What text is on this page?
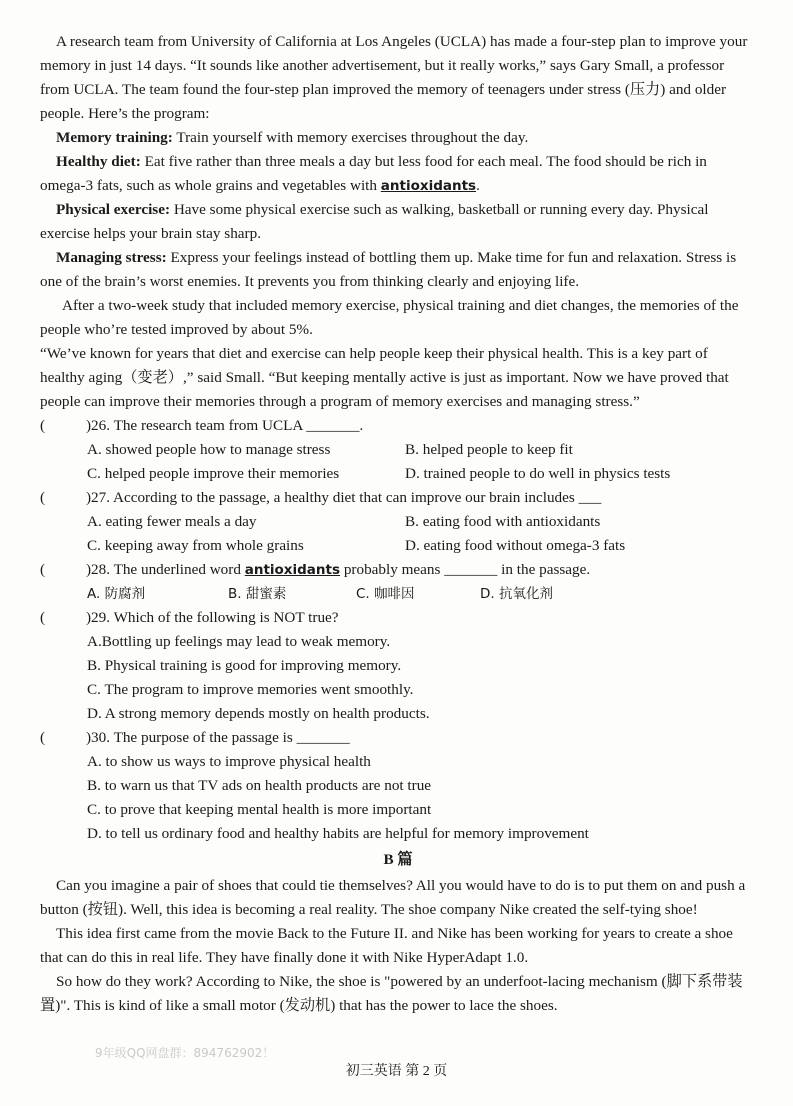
A research team from University of California at Los Angeles (UCLA) has made a four-step plan to improve your memory in just 14 days. “It sounds like another advertisement, but it really works,” says Gary Small, a professor from UCLA. The team found the four-step plan improved the memory of teenagers under stress (压力) and older people. Here’s the program:

Memory training: Train yourself with memory exercises throughout the day.

Healthy diet: Eat five rather than three meals a day but less food for each meal. The food should be rich in omega-3 fats, such as whole grains and vegetables with antioxidants.

Physical exercise: Have some physical exercise such as walking, basketball or running every day. Physical exercise helps your brain stay sharp.

Managing stress: Express your feelings instead of bottling them up. Make time for fun and relaxation. Stress is one of the brain’s worst enemies. It prevents you from thinking clearly and enjoying life.

After a two-week study that included memory exercise, physical training and diet changes, the memories of the people who’re tested improved by about 5%.

“We’ve known for years that diet and exercise can help people keep their physical health. This is a key part of healthy aging（变老）,” said Small. “But keeping mentally active is just as important. Now we have proved that people can improve their memories through a program of memory exercises and managing stress.”

(	)26. The research team from UCLA _______.
A. showed people how to manage stress	B. helped people to keep fit
C. helped people improve their memories	D. trained people to do well in physics tests
(	)27. According to the passage, a healthy diet that can improve our brain includes ___
A. eating fewer meals a day	B. eating food with antioxidants
C. keeping away from whole grains	D. eating food without omega-3 fats
(	)28. The underlined word antioxidants probably means _______ in the passage.
A. 防腐剂	B. 甜蜜素	C. 咖啡因	D. 抗氧化剂
(	)29. Which of the following is NOT true?
A.Bottling up feelings may lead to weak memory.
B. Physical training is good for improving memory.
C. The program to improve memories went smoothly.
D. A strong memory depends mostly on health products.
(	)30. The purpose of the passage is _______
A. to show us ways to improve physical health
B. to warn us that TV ads on health products are not true
C. to prove that keeping mental health is more important
D. to tell us ordinary food and healthy habits are helpful for memory improvement
B 篇

Can you imagine a pair of shoes that could tie themselves? All you would have to do is to put them on and push a button (按钮). Well, this idea is becoming a real reality. The shoe company Nike created the self-tying shoe!

This idea first came from the movie Back to the Future II. and Nike has been working for years to create a shoe that can do this in real life. They have finally done it with Nike HyperAdapt 1.0.

So how do they work? According to Nike, the shoe is "powered by an underfoot-lacing mechanism (脚下系带装置)". This is kind of like a small motor (发动机) that has the power to lace the shoes.

9年级QQ网盘群：894762902！
初三英语 第 2 页
